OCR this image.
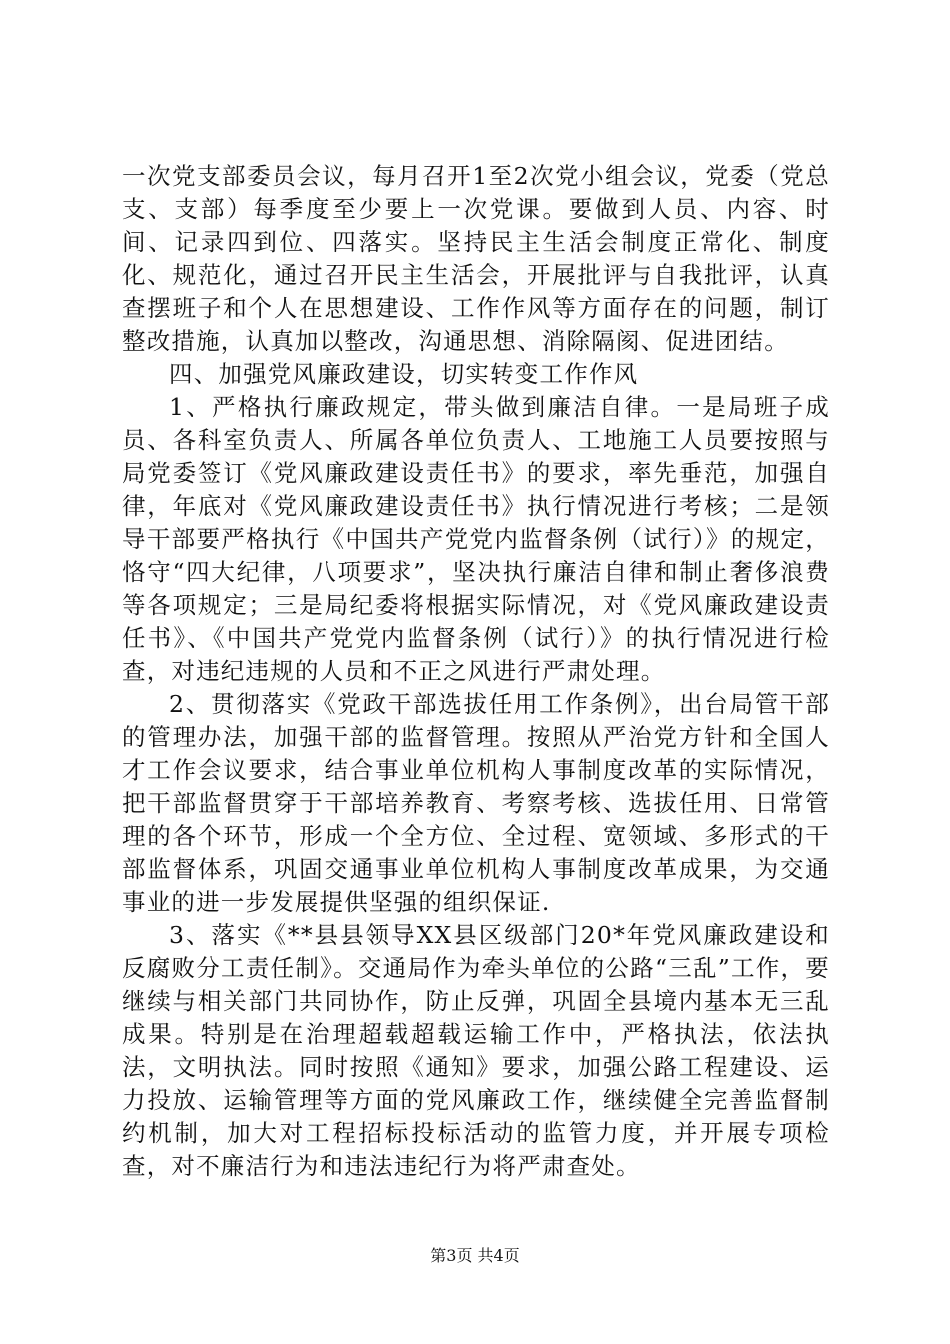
一次党支部委员会议，每月召开1至2次党小组会议，党委（党总支、支部）每季度至少要上一次党课。要做到人员、内容、时间、记录四到位、四落实。坚持民主生活会制度正常化、制度化、规范化，通过召开民主生活会，开展批评与自我批评，认真查摆班子和个人在思想建设、工作作风等方面存在的问题，制订整改措施，认真加以整改，沟通思想、消除隔阂、促进团结。

四、加强党风廉政建设，切实转变工作作风

1、严格执行廉政规定，带头做到廉洁自律。一是局班子成员、各科室负责人、所属各单位负责人、工地施工人员要按照与局党委签订《党风廉政建设责任书》的要求，率先垂范，加强自律，年底对《党风廉政建设责任书》执行情况进行考核；二是领导干部要严格执行《中国共产党党内监督条例（试行）》的规定，恪守“四大纪律，八项要求”，坚决执行廉洁自律和制止奢侈浪费等各项规定；三是局纪委将根据实际情况，对《党风廉政建设责任书》、《中国共产党党内监督条例（试行）》的执行情况进行检查，对违纪违规的人员和不正之风进行严肃处理。

2、贯彻落实《党政干部选拔任用工作条例》，出台局管干部的管理办法，加强干部的监督管理。按照从严治党方针和全国人才工作会议要求，结合事业单位机构人事制度改革的实际情况，把干部监督贯穿于干部培养教育、考察考核、选拔任用、日常管理的各个环节，形成一个全方位、全过程、宽领域、多形式的干部监督体系，巩固交通事业单位机构人事制度改革成果，为交通事业的进一步发展提供坚强的组织保证.

3、落实《**县县领导XX县区级部门20*年党风廉政建设和反腐败分工责任制》。交通局作为牵头单位的公路“三乱”工作，要继续与相关部门共同协作，防止反弹，巩固全县境内基本无三乱成果。特别是在治理超载超载运输工作中，严格执法，依法执法，文明执法。同时按照《通知》要求，加强公路工程建设、运力投放、运输管理等方面的党风廉政工作，继续健全完善监督制约机制，加大对工程招标投标活动的监管力度，并开展专项检查，对不廉洁行为和违法违纪行为将严肃查处。

第3页 共4页
